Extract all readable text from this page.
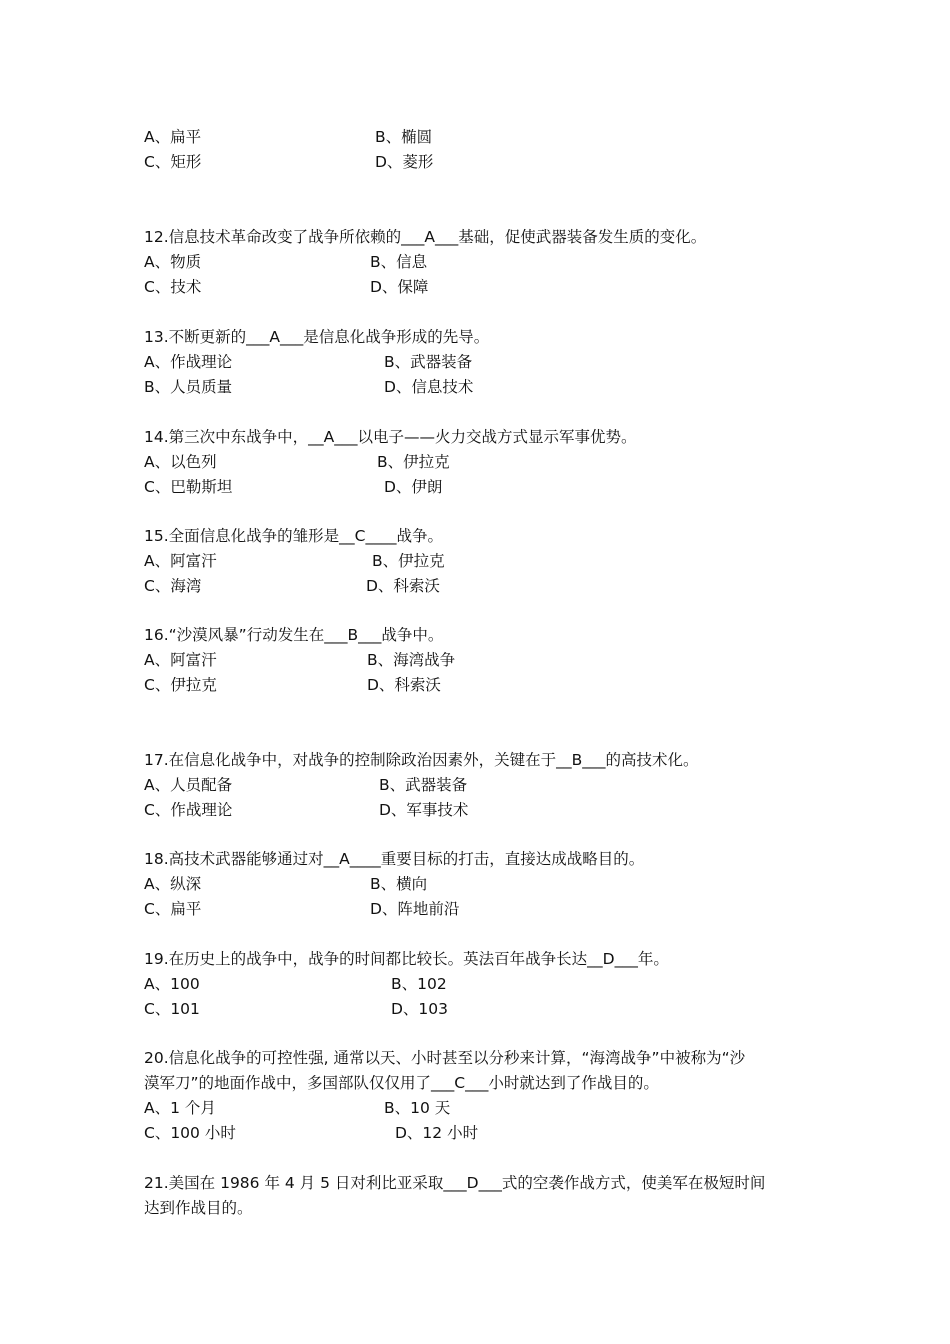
A、扁平	B、椭圆
C、矩形	D、菱形
12.信息技术革命改变了战争所依赖的___A___基础，促使武器装备发生质的变化。
A、物质	B、信息
C、技术	D、保障
13.不断更新的___A___是信息化战争形成的先导。
A、作战理论	B、武器装备
B、人员质量	D、信息技术
14.第三次中东战争中，__A___以电子——火力交战方式显示军事优势。
A、以色列	B、伊拉克
C、巴勒斯坦	D、伊朗
15.全面信息化战争的雏形是__C____战争。
A、阿富汗	B、伊拉克
C、海湾	D、科索沃
16.“沙漠风暴”行动发生在___B___战争中。
A、阿富汗	B、海湾战争
C、伊拉克	D、科索沃
17.在信息化战争中，对战争的控制除政治因素外，关键在于__B___的高技术化。
A、人员配备	B、武器装备
C、作战理论	D、军事技术
18.高技术武器能够通过对__A____重要目标的打击，直接达成战略目的。
A、纵深	B、横向
C、扁平	D、阵地前沿
19.在历史上的战争中，战争的时间都比较长。英法百年战争长达__D___年。
A、100	B、102
C、101	D、103
20.信息化战争的可控性强, 通常以天、小时甚至以分秒来计算，“海湾战争”中被称为“沙
漠军刀”的地面作战中，多国部队仅仅用了___C___小时就达到了作战目的。
A、1 个月	B、10 天
C、100 小时	D、12 小时
21.美国在 1986 年 4 月 5 日对利比亚采取___D___式的空袭作战方式，使美军在极短时间
达到作战目的。
